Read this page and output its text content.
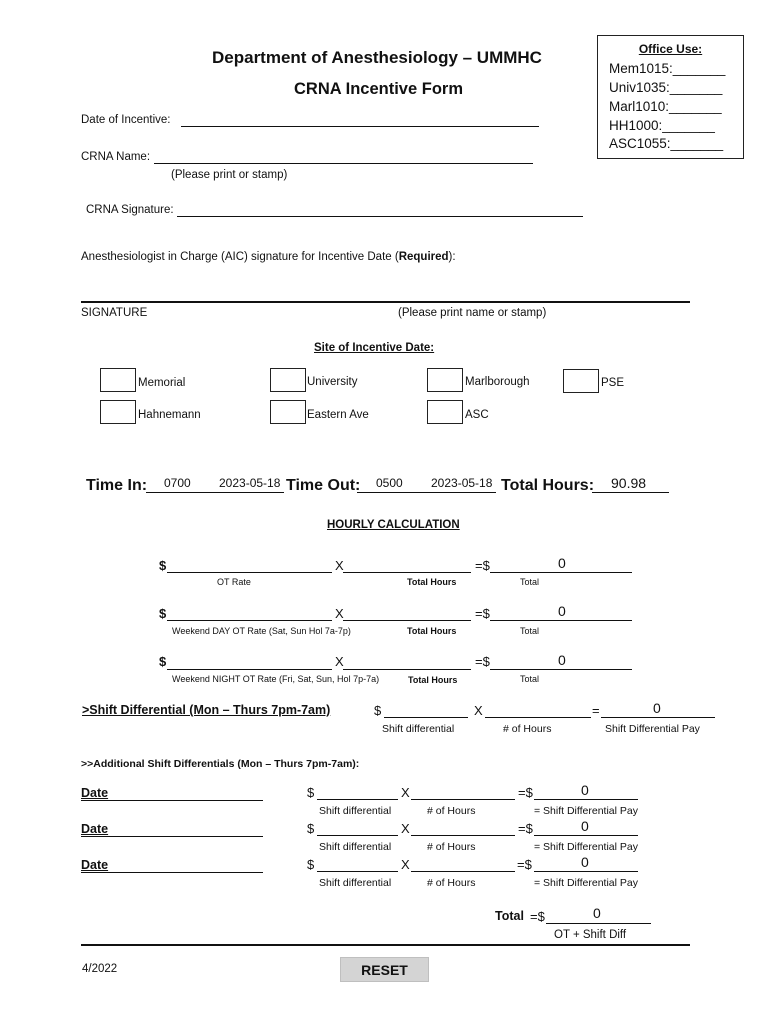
Department of Anesthesiology – UMMHC
CRNA Incentive Form
Office Use:
Mem1015:_______
Univ1035:_______
Marl1010:_______
HH1000:_______
ASC1055:_______
Date of Incentive:
CRNA Name:
(Please print or stamp)
CRNA Signature:
Anesthesiologist in Charge (AIC) signature for Incentive Date (Required):
SIGNATURE	(Please print name or stamp)
Site of Incentive Date:
Memorial	University	Marlborough	PSE
Hahnemann	Eastern Ave	ASC
Time In: 0700 2023-05-18 Time Out: 0500 2023-05-18 Total Hours: 90.98
HOURLY CALCULATION
$	X	=$	0
OT Rate	Total Hours	Total
$	X	=$	0
Weekend DAY OT Rate (Sat, Sun Hol 7a-7p)	Total Hours	Total
$	X	=$	0
Weekend NIGHT OT Rate (Fri, Sat, Sun, Hol 7p-7a)	Total Hours	Total
>Shift Differential (Mon – Thurs 7pm-7am)	$	X	=	0
Shift differential	# of Hours	Shift Differential Pay
>>Additional Shift Differentials (Mon – Thurs 7pm-7am):
Date	$	X	=$	0
Shift differential	# of Hours	= Shift Differential Pay
Date	$	X	=$	0
Shift differential	# of Hours	= Shift Differential Pay
Date	$	X	=$	0
Shift differential	# of Hours	= Shift Differential Pay
Total =$	0
OT + Shift Diff
4/2022	RESET
